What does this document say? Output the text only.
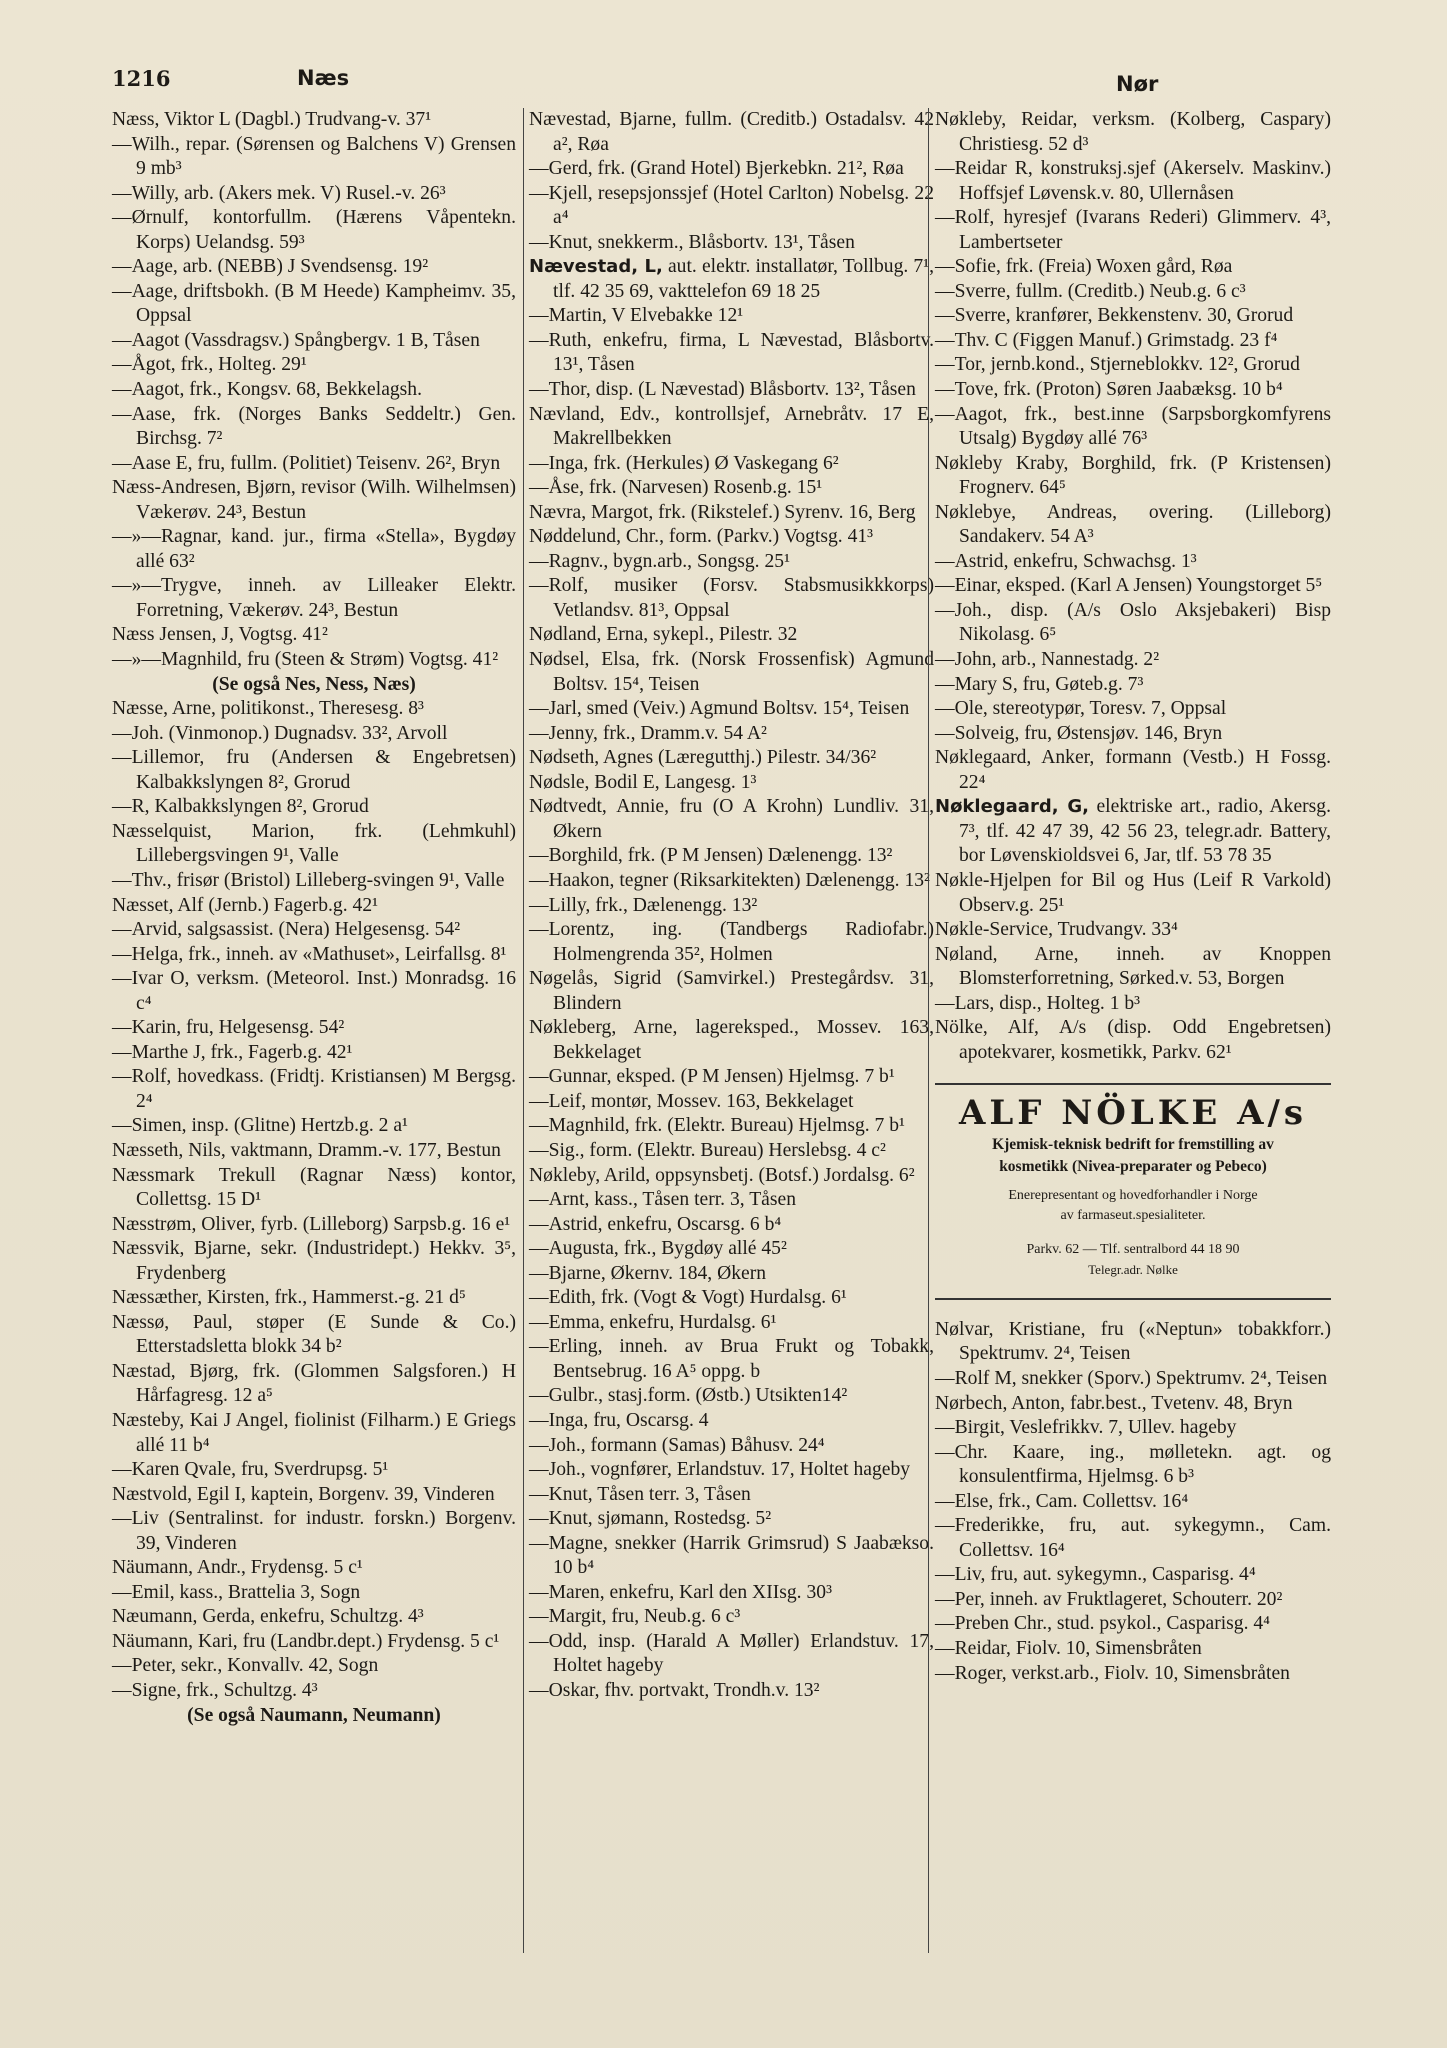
1216	Næs	Nør
Næss, Viktor L (Dagbl.) Trudvang-v. 37¹
—Wilh., repar. (Sørensen og Balchens V) Grensen 9 mb³
—Willy, arb. (Akers mek. V) Rusel.-v. 26³
—Ørnulf, kontorfullm. (Hærens Våpentekn. Korps) Uelandsg. 59³
—Aage, arb. (NEBB) J Svendsensg. 19²
—Aage, driftsbokh. (B M Heede) Kampheimv. 35, Oppsal
—Aagot (Vassdragsv.) Spångbergv. 1 B, Tåsen
—Ågot, frk., Holteg. 29¹
—Aagot, frk., Kongsv. 68, Bekkelagsh.
—Aase, frk. (Norges Banks Seddeltr.) Gen. Birchsg. 7²
—Aase E, fru, fullm. (Politiet) Teisenv. 26², Bryn
Næss-Andresen, Bjørn, revisor (Wilh. Wilhelmsen) Vækerøv. 24³, Bestun
—»—Ragnar, kand. jur., firma «Stella», Bygdøy allé 63²
—»—Trygve, inneh. av Lilleaker Elektr. Forretning, Vækerøv. 24³, Bestun
Næss Jensen, J, Vogtsg. 41²
—»—Magnhild, fru (Steen & Strøm) Vogtsg. 41²
(Se også Nes, Ness, Næs)
Næsse, Arne, politikonst., Theresesg. 8³
—Joh. (Vinmonop.) Dugnadsv. 33², Arvoll
—Lillemor, fru (Andersen & Engebretsen) Kalbakkslyngen 8², Grorud
—R, Kalbakkslyngen 8², Grorud
Næsselquist, Marion, frk. (Lehmkuhl) Lillebergsvingen 9¹, Valle
—Thv., frisør (Bristol) Lilleberg-svingen 9¹, Valle
Næsset, Alf (Jernb.) Fagerb.g. 42¹
—Arvid, salgsassist. (Nera) Helgesensg. 54²
—Helga, frk., inneh. av «Mathuset», Leirfallsg. 8¹
—Ivar O, verksm. (Meteorol. Inst.) Monradsg. 16 c⁴
—Karin, fru, Helgesensg. 54²
—Marthe J, frk., Fagerb.g. 42¹
—Rolf, hovedkass. (Fridtj. Kristiansen) M Bergsg. 2⁴
—Simen, insp. (Glitne) Hertzb.g. 2 a¹
Næsseth, Nils, vaktmann, Dramm.-v. 177, Bestun
Næssmark Trekull (Ragnar Næss) kontor, Collettsg. 15 D¹
Næsstrøm, Oliver, fyrb. (Lilleborg) Sarpsb.g. 16 e¹
Næssvik, Bjarne, sekr. (Industridept.) Hekkv. 3⁵, Frydenberg
Næssæther, Kirsten, frk., Hammerst.-g. 21 d⁵
Næssø, Paul, støper (E Sunde & Co.) Etterstadsletta blokk 34 b²
Næstad, Bjørg, frk. (Glommen Salgsforen.) H Hårfagresg. 12 a⁵
Næsteby, Kai J Angel, fiolinist (Filharm.) E Griegs allé 11 b⁴
—Karen Qvale, fru, Sverdrupsg. 5¹
Næstvold, Egil I, kaptein, Borgenv. 39, Vinderen
—Liv (Sentralinst. for industr. forskn.) Borgenv. 39, Vinderen
Näumann, Andr., Frydensg. 5 c¹
—Emil, kass., Brattelia 3, Sogn
Næumann, Gerda, enkefru, Schultzg. 4³
Näumann, Kari, fru (Landbr.dept.) Frydensg. 5 c¹
—Peter, sekr., Konvallv. 42, Sogn
—Signe, frk., Schultzg. 4³
(Se også Naumann, Neumann)
Nævestad, Bjarne, fullm. (Creditb.) Ostadalsv. 42 a², Røa
—Gerd, frk. (Grand Hotel) Bjerkebkn. 21², Røa
—Kjell, resepsjonssjef (Hotel Carlton) Nobelsg. 22 a⁴
—Knut, snekkerm., Blåsbortv. 13¹, Tåsen
Nævestad, L, aut. elektr. installatør, Tollbug. 7¹, tlf. 42 35 69, vakttelefon 69 18 25
—Martin, V Elvebakke 12¹
—Ruth, enkefru, firma, L Nævestad, Blåsbortv. 13¹, Tåsen
—Thor, disp. (L Nævestad) Blåsbortv. 13², Tåsen
Nævland, Edv., kontrollsjef, Arnebråtv. 17 E, Makrellbekken
—Inga, frk. (Herkules) Ø Vaskegang 6²
—Åse, frk. (Narvesen) Rosenb.g. 15¹
Nævra, Margot, frk. (Rikstelef.) Syrenv. 16, Berg
Nøddelund, Chr., form. (Parkv.) Vogtsg. 41³
—Ragnv., bygn.arb., Songsg. 25¹
—Rolf, musiker (Forsv. Stabsmusikkkorps) Vetlandsv. 81³, Oppsal
Nødland, Erna, sykepl., Pilestr. 32
Nødsel, Elsa, frk. (Norsk Frossenfisk) Agmund Boltsv. 15⁴, Teisen
—Jarl, smed (Veiv.) Agmund Boltsv. 15⁴, Teisen
—Jenny, frk., Dramm.v. 54 A²
Nødseth, Agnes (Læregutthj.) Pilestr. 34/36²
Nødsle, Bodil E, Langesg. 1³
Nødtvedt, Annie, fru (O A Krohn) Lundliv. 31, Økern
—Borghild, frk. (P M Jensen) Dælenengg. 13²
—Haakon, tegner (Riksarkitekten) Dælenengg. 13²
—Lilly, frk., Dælenengg. 13²
—Lorentz, ing. (Tandbergs Radiofabr.) Holmengrenda 35², Holmen
Nøgelås, Sigrid (Samvirkel.) Prestegårdsv. 31, Blindern
Nøkleberg, Arne, lagereksped., Mossev. 163, Bekkelaget
—Gunnar, eksped. (P M Jensen) Hjelmsg. 7 b¹
—Leif, montør, Mossev. 163, Bekkelaget
—Magnhild, frk. (Elektr. Bureau) Hjelmsg. 7 b¹
—Sig., form. (Elektr. Bureau) Herslebsg. 4 c²
Nøkleby, Arild, oppsynsbetj. (Botsf.) Jordalsg. 6²
—Arnt, kass., Tåsen terr. 3, Tåsen
—Astrid, enkefru, Oscarsg. 6 b⁴
—Augusta, frk., Bygdøy allé 45²
—Bjarne, Økernv. 184, Økern
—Edith, frk. (Vogt & Vogt) Hurdalsg. 6¹
—Emma, enkefru, Hurdalsg. 6¹
—Erling, inneh. av Brua Frukt og Tobakk, Bentsebrug. 16 A⁵ oppg. b
—Gulbr., stasj.form. (Østb.) Utsikten14²
—Inga, fru, Oscarsg. 4
—Joh., formann (Samas) Båhusv. 24⁴
—Joh., vognfører, Erlandstuv. 17, Holtet hageby
—Knut, Tåsen terr. 3, Tåsen
—Knut, sjømann, Rostedsg. 5²
—Magne, snekker (Harrik Grimsrud) S Jaabækso. 10 b⁴
—Maren, enkefru, Karl den XIIsg. 30³
—Margit, fru, Neub.g. 6 c³
—Odd, insp. (Harald A Møller) Erlandstuv. 17, Holtet hageby
—Oskar, fhv. portvakt, Trondh.v. 13²
Nøkleby, Reidar, verksm. (Kolberg, Caspary) Christiesg. 52 d³
—Reidar R, konstruksj.sjef (Akerselv. Maskinv.) Hoffsjef Løvensk.v. 80, Ullernåsen
—Rolf, hyresjef (Ivarans Rederi) Glimmerv. 4³, Lambertseter
—Sofie, frk. (Freia) Woxen gård, Røa
—Sverre, fullm. (Creditb.) Neub.g. 6 c³
—Sverre, kranfører, Bekkenstenv. 30, Grorud
—Thv. C (Figgen Manuf.) Grimstadg. 23 f⁴
—Tor, jernb.kond., Stjerneblokkv. 12², Grorud
—Tove, frk. (Proton) Søren Jaabæksg. 10 b⁴
—Aagot, frk., best.inne (Sarpsborgkomfyrens Utsalg) Bygdøy allé 76³
Nøkleby Kraby, Borghild, frk. (P Kristensen) Frognerv. 64⁵
Nøklebye, Andreas, overing. (Lilleborg) Sandakerv. 54 A³
—Astrid, enkefru, Schwachsg. 1³
—Einar, eksped. (Karl A Jensen) Youngstorget 5⁵
—Joh., disp. (A/s Oslo Aksjebakeri) Bisp Nikolasg. 6⁵
—John, arb., Nannestadg. 2²
—Mary S, fru, Gøteb.g. 7³
—Ole, stereotypør, Toresv. 7, Oppsal
—Solveig, fru, Østensjøv. 146, Bryn
Nøklegaard, Anker, formann (Vestb.) H Fossg. 22⁴
Nøklegaard, G, elektriske art., radio, Akersg. 7³, tlf. 42 47 39, 42 56 23, telegr.adr. Battery, bor Løvenskioldsvei 6, Jar, tlf. 53 78 35
Nøkle-Hjelpen for Bil og Hus (Leif R Varkold) Observ.g. 25¹
Nøkle-Service, Trudvangv. 33⁴
Nøland, Arne, inneh. av Knoppen Blomsterforretning, Sørked.v. 53, Borgen
—Lars, disp., Holteg. 1 b³
Nölke, Alf, A/s (disp. Odd Engebretsen) apotekvarer, kosmetikk, Parkv. 62¹
ALF NÖLKE A/s
Kjemisk-teknisk bedrift for fremstilling av
kosmetikk (Nivea-preparater og Pebeco)
Enerepresentant og hovedforhandler i Norge
av farmaseut.spesialiteter.
Parkv. 62 — Tlf. sentralbord 44 18 90
Telegr.adr. Nølke
Nølvar, Kristiane, fru («Neptun» tobakkforr.) Spektrumv. 2⁴, Teisen
—Rolf M, snekker (Sporv.) Spektrumv. 2⁴, Teisen
Nørbech, Anton, fabr.best., Tvetenv. 48, Bryn
—Birgit, Veslefrikkv. 7, Ullev. hageby
—Chr. Kaare, ing., mølletekn. agt. og konsulentfirma, Hjelmsg. 6 b³
—Else, frk., Cam. Collettsv. 16⁴
—Frederikke, fru, aut. sykegymn., Cam. Collettsv. 16⁴
—Liv, fru, aut. sykegymn., Casparisg. 4⁴
—Per, inneh. av Fruktlageret, Schouterr. 20²
—Preben Chr., stud. psykol., Casparisg. 4⁴
—Reidar, Fiolv. 10, Simensbråten
—Roger, verkst.arb., Fiolv. 10, Simensbråten
